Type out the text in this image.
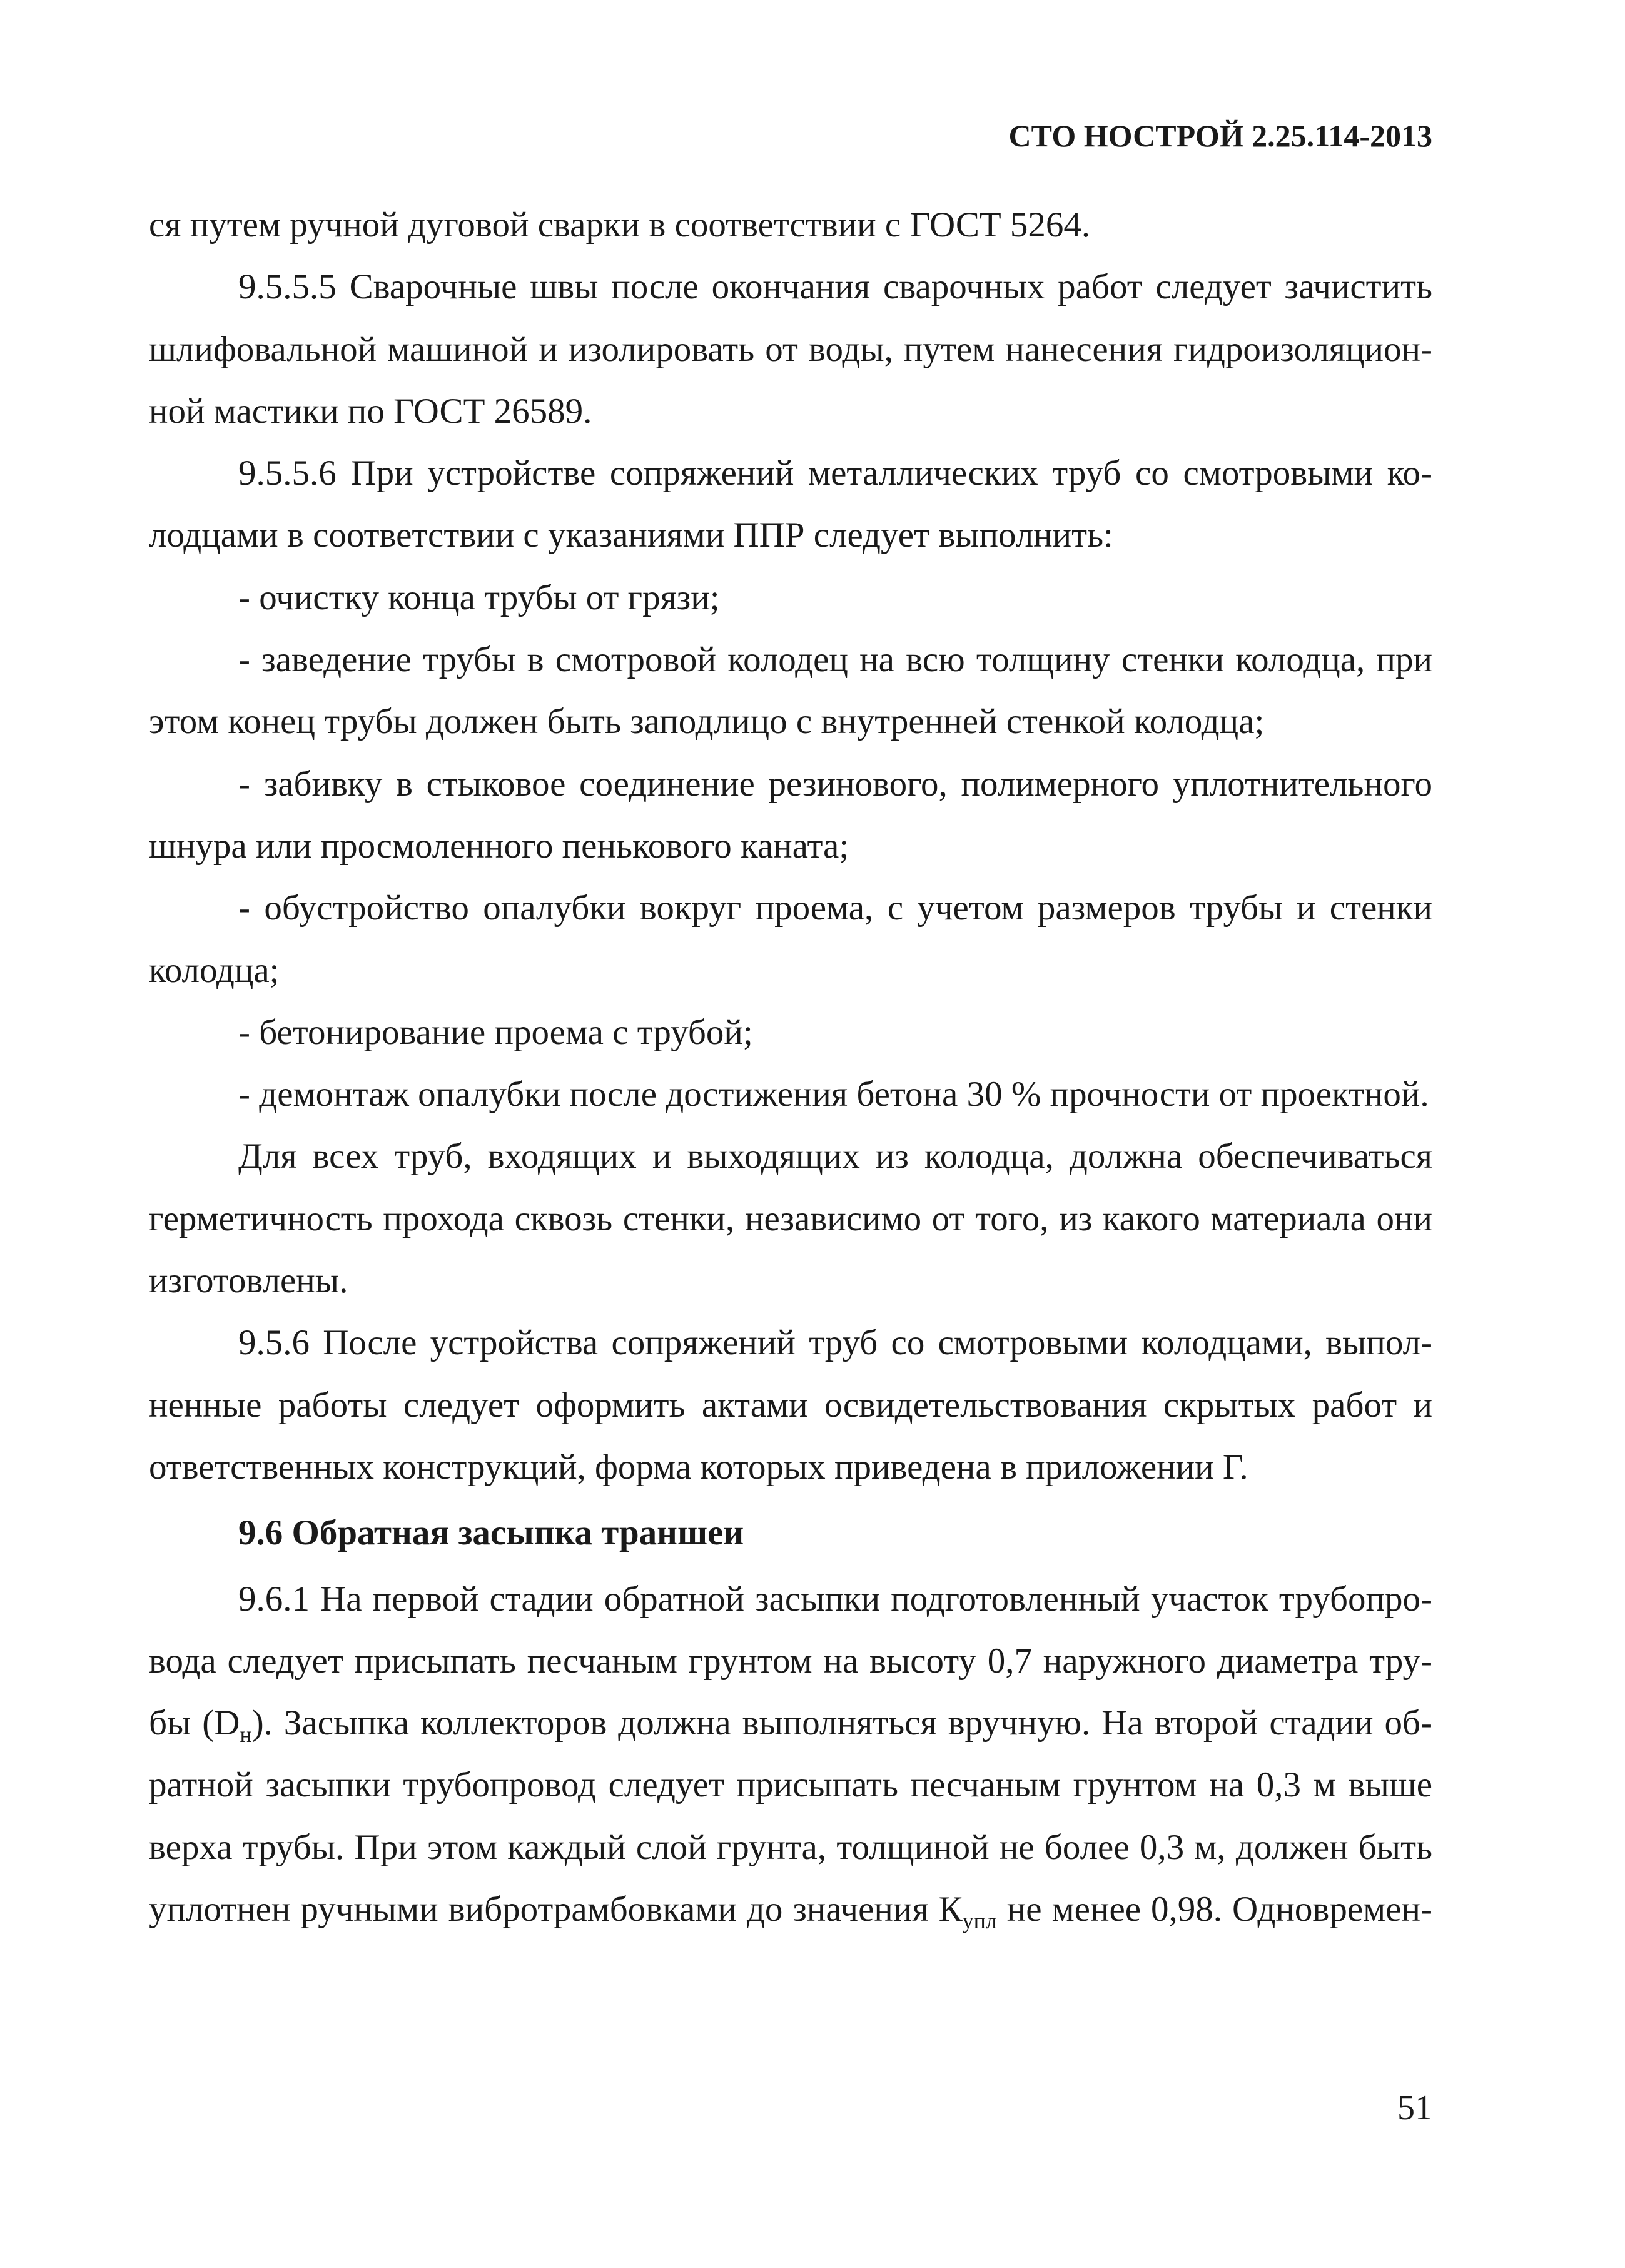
СТО НОСТРОЙ 2.25.114-2013
ся путем ручной дуговой сварки в соответствии с ГОСТ 5264.
9.5.5.5 Сварочные швы после окончания сварочных работ следует зачистить
шлифовальной машиной и изолировать от воды, путем нанесения гидроизоляцион-
ной мастики по ГОСТ 26589.
9.5.5.6 При устройстве сопряжений металлических труб со смотровыми ко-
лодцами в соответствии с указаниями ППР следует выполнить:
- очистку конца трубы от грязи;
- заведение трубы в смотровой колодец на всю толщину стенки колодца, при
этом конец трубы должен быть заподлицо с внутренней стенкой колодца;
- забивку в стыковое соединение резинового, полимерного уплотнительного
шнура или просмоленного пенькового каната;
- обустройство опалубки вокруг проема, с учетом размеров трубы и стенки
колодца;
- бетонирование проема с трубой;
- демонтаж опалубки после достижения бетона 30 % прочности от проектной.
Для всех труб, входящих и выходящих из колодца, должна обеспечиваться
герметичность прохода сквозь стенки, независимо от того, из какого материала они
изготовлены.
9.5.6 После устройства сопряжений труб со смотровыми колодцами, выпол-
ненные работы следует оформить актами освидетельствования скрытых работ и
ответственных конструкций, форма которых приведена в приложении Г.
9.6 Обратная засыпка траншеи
9.6.1 На первой стадии обратной засыпки подготовленный участок трубопро-
вода следует присыпать песчаным грунтом на высоту 0,7 наружного диаметра тру-
бы $(D_н)$. Засыпка коллекторов должна выполняться вручную. На второй стадии об-
ратной засыпки трубопровод следует присыпать песчаным грунтом на 0,3 м выше
верха трубы. При этом каждый слой грунта, толщиной не более 0,3 м, должен быть
уплотнен ручными вибротрамбовками до значения $К_{упл}$ не менее 0,98. Одновремен-
51
